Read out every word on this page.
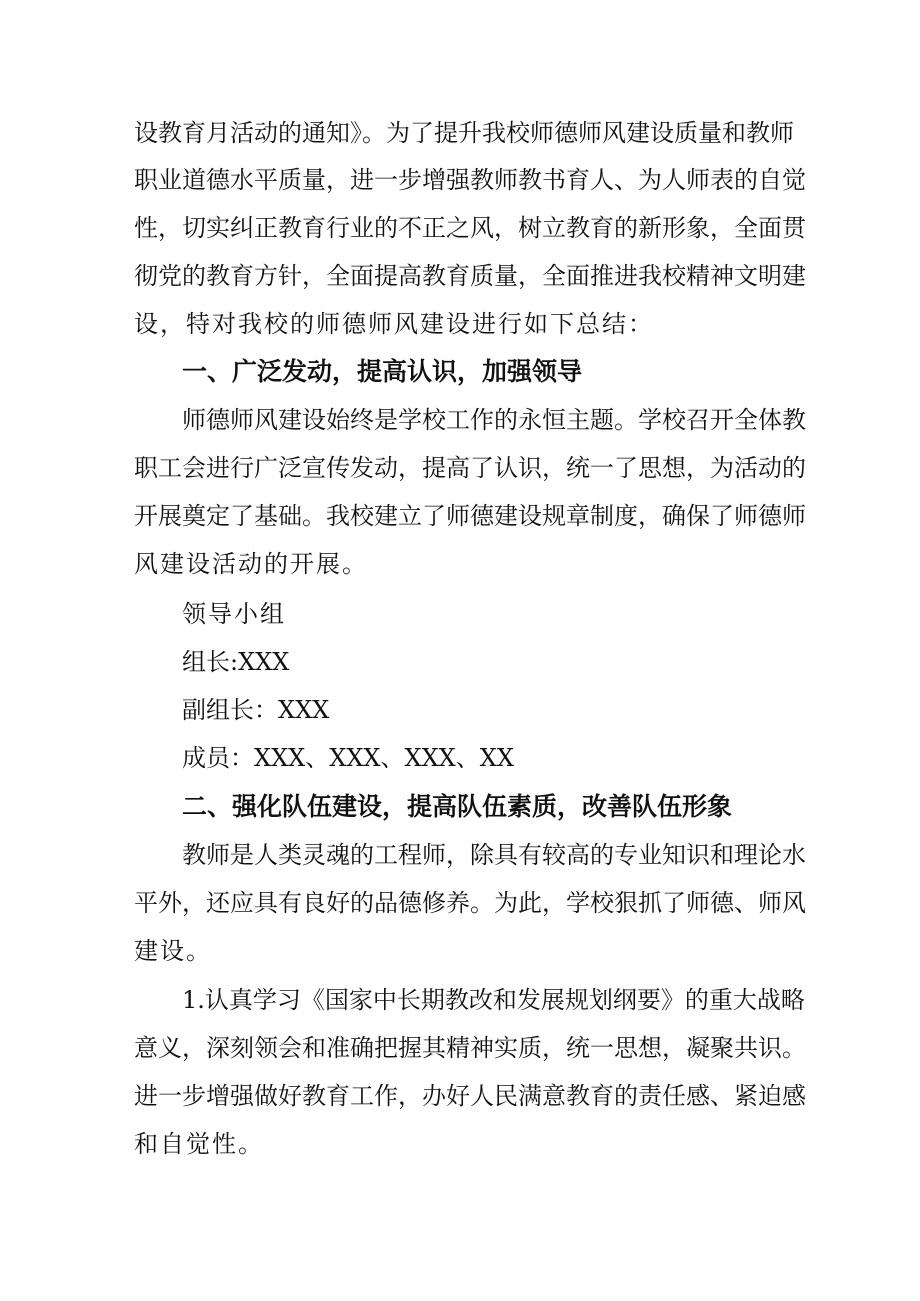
设教育月活动的通知》。为了提升我校师德师风建设质量和教师
职业道德水平质量，进一步增强教师教书育人、为人师表的自觉
性，切实纠正教育行业的不正之风，树立教育的新形象，全面贯
彻党的教育方针，全面提高教育质量，全面推进我校精神文明建
设，特对我校的师德师风建设进行如下总结：
一、广泛发动，提高认识，加强领导
师德师风建设始终是学校工作的永恒主题。学校召开全体教
职工会进行广泛宣传发动，提高了认识，统一了思想，为活动的
开展奠定了基础。我校建立了师德建设规章制度，确保了师德师
风建设活动的开展。
领导小组
组长:XXX
副组长：XXX
成员：XXX、XXX、XXX、XX
二、强化队伍建设，提高队伍素质，改善队伍形象
教师是人类灵魂的工程师，除具有较高的专业知识和理论水
平外，还应具有良好的品德修养。为此，学校狠抓了师德、师风
建设。
1.认真学习《国家中长期教改和发展规划纲要》的重大战略
意义，深刻领会和准确把握其精神实质，统一思想，凝聚共识。
进一步增强做好教育工作，办好人民满意教育的责任感、紧迫感
和自觉性。
